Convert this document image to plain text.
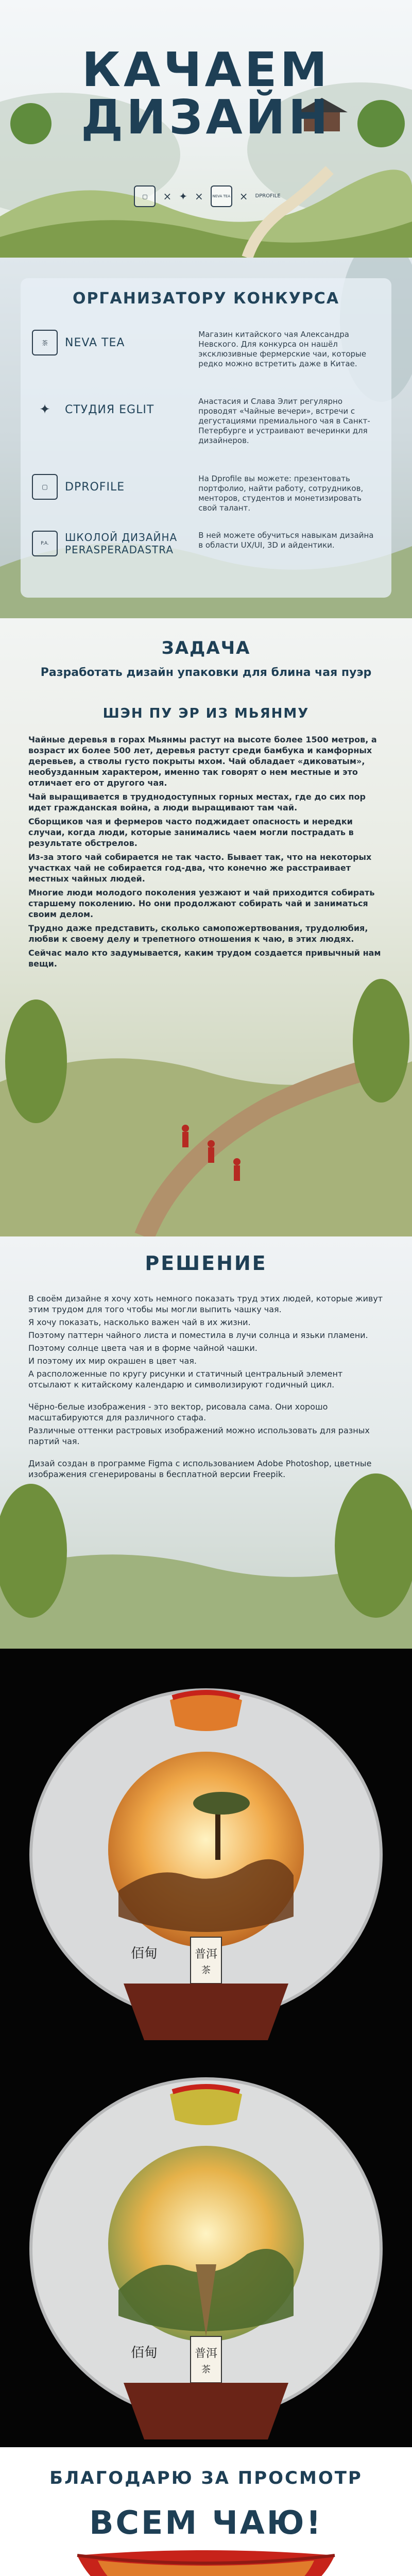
КАЧАЕМ
ДИЗАЙН
▢	× ✦ ×	NEVA TEA × DPROFILE
ОРГАНИЗАТОРУ КОНКУРСА
茶	NEVA TEA
Магазин китайского чая Александра Невского. Для конкурса он нашёл эксклюзивные фермерские чаи, которые редко можно встретить даже в Китае.
✦	СТУДИЯ EGLIT
Анастасия и Слава Элит регулярно проводят «Чайные вечери», встречи с дегустациями премиального чая в Санкт-Петербурге и устраивают вечеринки для дизайнеров.
▢	DPROFILE
На Dprofile вы можете: презентовать портфолио, найти работу, сотрудников, менторов, студентов и монетизировать свой талант.
P.A.	ШКОЛОЙ ДИЗАЙНА PERASPERADASTRA
В ней можете обучиться навыкам дизайна в области UX/UI, 3D и айдентики.
ЗАДАЧА
Разработать дизайн упаковки для блина чая пуэр
ШЭН ПУ ЭР ИЗ МЬЯНМУ

Чайные деревья в горах Мьянмы растут на высоте более 1500 метров, а возраст их более 500 лет, деревья растут среди бамбука и камфорных деревьев, а стволы густо покрыты мхом. Чай обладает «диковатым», необузданным характером, именно так говорят о нем местные и это отличает его от другого чая.

Чай выращивается в труднодоступных горных местах, где до сих пор идет гражданская война, а люди выращивают там чай.

Сборщиков чая и фермеров часто поджидает опасность и нередки случаи, когда люди, которые занимались чаем могли пострадать в результате обстрелов.

Из-за этого чай собирается не так часто. Бывает так, что на некоторых участках чай не собирается год-два, что конечно же расстраивает местных чайных людей.

Многие люди молодого поколения уезжают и чай приходится собирать старшему поколению. Но они продолжают собирать чай и заниматься своим делом.

Трудно даже представить, сколько самопожертвования, трудолюбия, любви к своему делу и трепетного отношения к чаю, в этих людях.

Сейчас мало кто задумывается, каким трудом создается привычный нам вещи.

РЕШЕНИЕ

В своём дизайне я хочу хоть немного показать труд этих людей, которые живут этим трудом для того чтобы мы могли выпить чашку чая.

Я хочу показать, насколько важен чай в их жизни.

Поэтому паттерн чайного листа и поместила в лучи солнца и язьки пламени.

Поэтому солнце цвета чая и в форме чайной чашки.

И поэтому их мир окрашен в цвет чая.

А расположенные по кругу рисунки и статичный центральный элемент отсылают к китайскому календарю и символизируют годичный цикл.

Чёрно-белые изображения - это вектор, рисовала сама. Они хорошо масштабируются для различного стафа.

Различные оттенки растровых изображений можно использовать для разных партий чая.

Дизай создан в программе Figma с использованием Adobe Photoshop, цветные изображения сгенерированы в бесплатной версии Freepik.

普洱
茶
佰甸
普洱
茶
佰甸
БЛАГОДАРЮ ЗА ПРОСМОТР
ВСЕМ ЧАЮ!
